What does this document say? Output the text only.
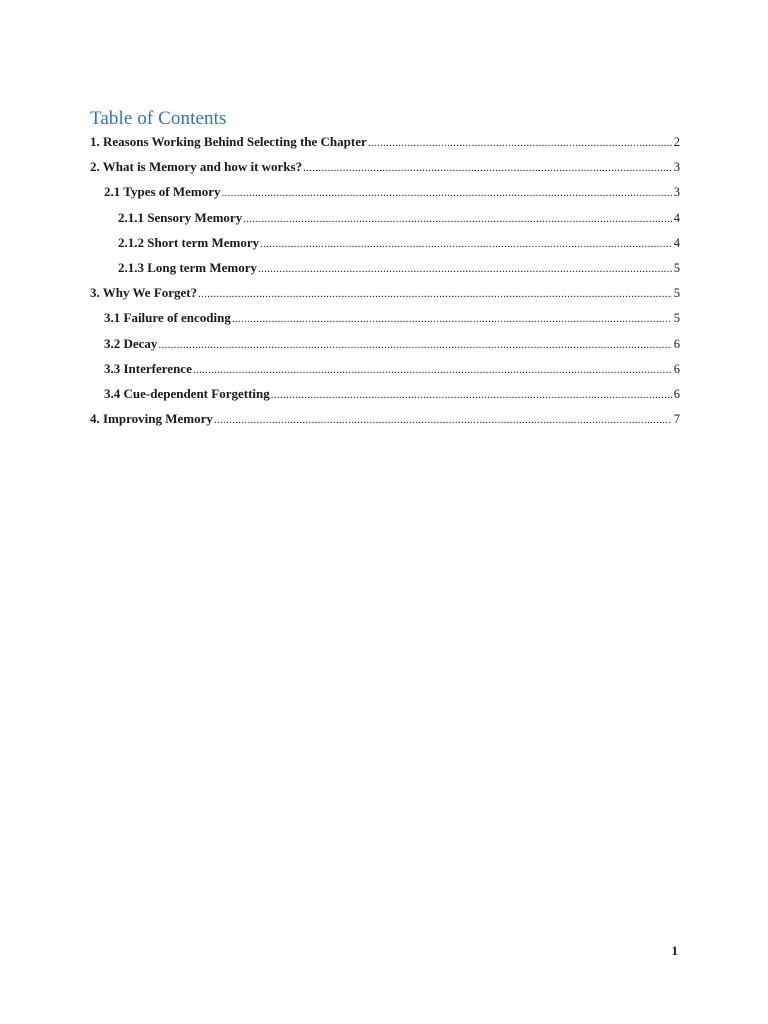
Table of Contents
1. Reasons Working Behind Selecting the Chapter .....	2
2. What is Memory and how it works? .....	3
2.1 Types of Memory .....	3
2.1.1 Sensory Memory .....	4
2.1.2 Short term Memory .....	4
2.1.3 Long term Memory .....	5
3. Why We Forget? .....	5
3.1 Failure of encoding .....	5
3.2 Decay .....	6
3.3 Interference .....	6
3.4 Cue-dependent Forgetting .....	6
4. Improving Memory .....	7
1
